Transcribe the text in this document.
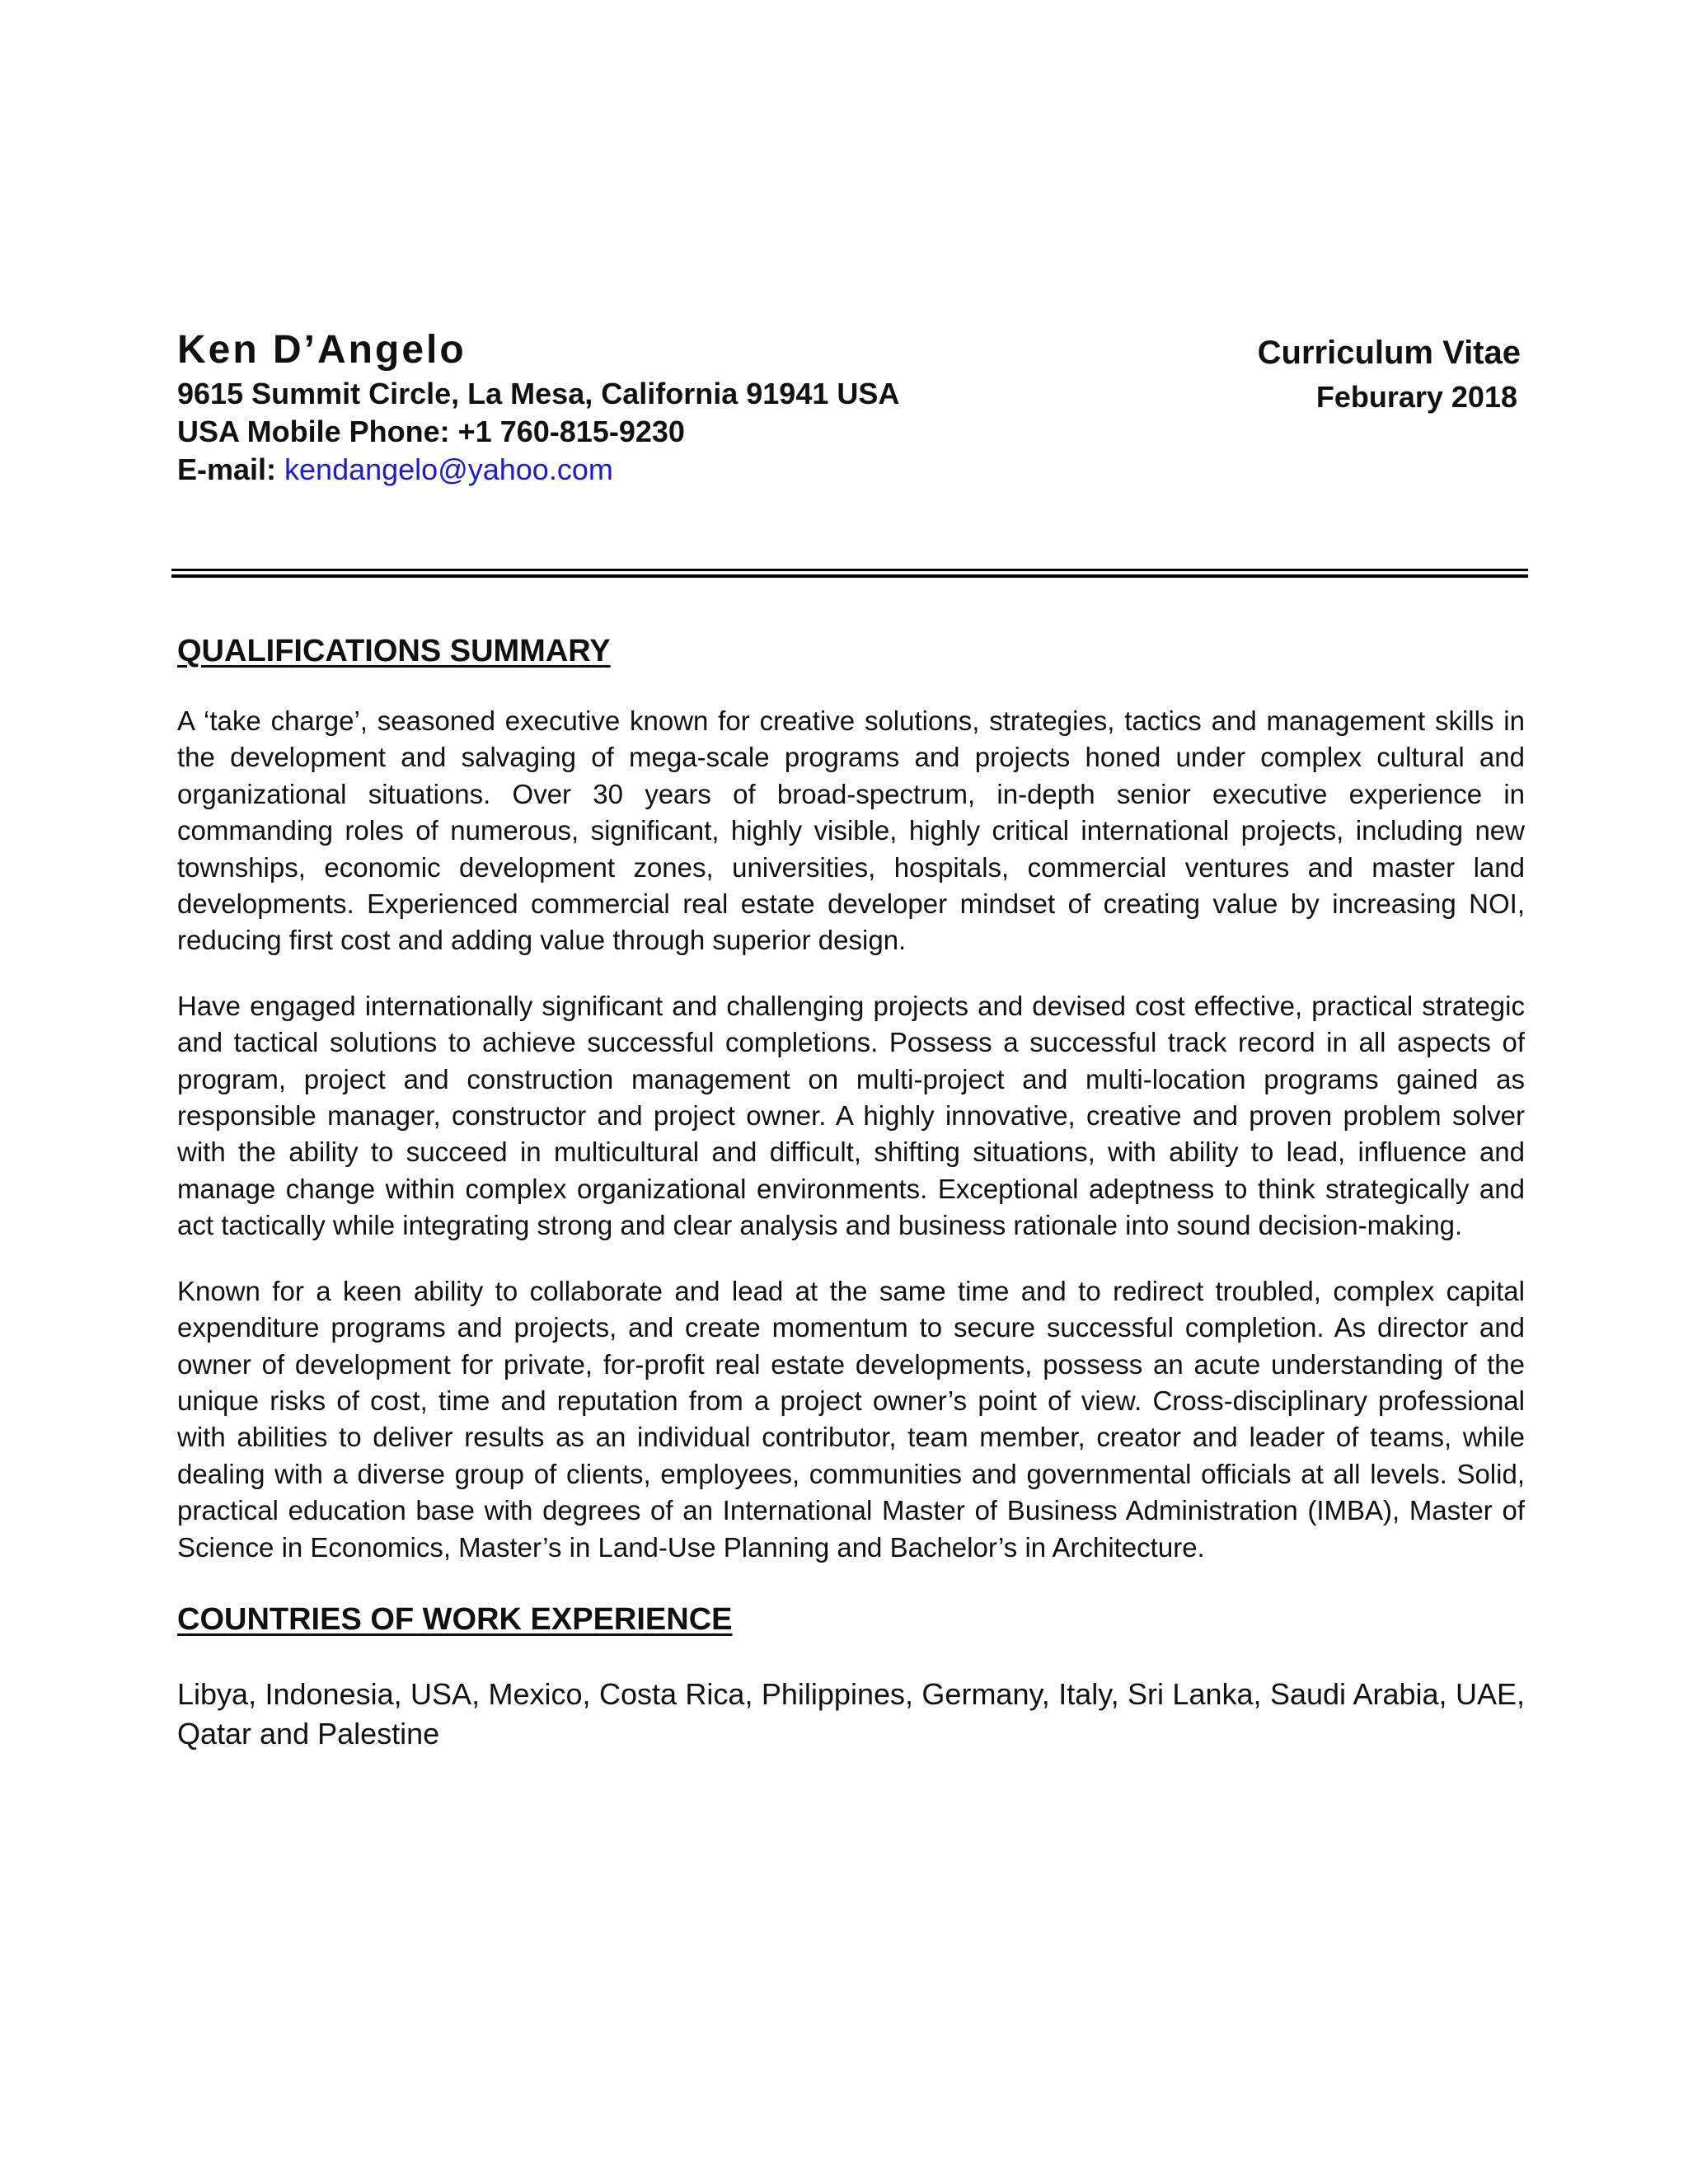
Ken D’Angelo

9615 Summit Circle, La Mesa, California 91941 USA

USA Mobile Phone: +1 760-815-9230

E-mail: kendangelo@yahoo.com

Curriculum Vitae
Feburary 2018
QUALIFICATIONS SUMMARY

A ‘take charge’, seasoned executive known for creative solutions, strategies, tactics and management skills in the development and salvaging of mega-scale programs and projects honed under complex cultural and organizational situations. Over 30 years of broad-spectrum, in-depth senior executive experience in commanding roles of numerous, significant, highly visible, highly critical international projects, including new townships, economic development zones, universities, hospitals, commercial ventures and master land developments. Experienced commercial real estate developer mindset of creating value by increasing NOI, reducing first cost and adding value through superior design.

Have engaged internationally significant and challenging projects and devised cost effective, practical strategic and tactical solutions to achieve successful completions. Possess a successful track record in all aspects of program, project and construction management on multi-project and multi-location programs gained as responsible manager, constructor and project owner. A highly innovative, creative and proven problem solver with the ability to succeed in multicultural and difficult, shifting situations, with ability to lead, influence and manage change within complex organizational environments. Exceptional adeptness to think strategically and act tactically while integrating strong and clear analysis and business rationale into sound decision-making.

Known for a keen ability to collaborate and lead at the same time and to redirect troubled, complex capital expenditure programs and projects, and create momentum to secure successful completion. As director and owner of development for private, for-profit real estate developments, possess an acute understanding of the unique risks of cost, time and reputation from a project owner’s point of view. Cross-disciplinary professional with abilities to deliver results as an individual contributor, team member, creator and leader of teams, while dealing with a diverse group of clients, employees, communities and governmental officials at all levels. Solid, practical education base with degrees of an International Master of Business Administration (IMBA), Master of Science in Economics, Master’s in Land-Use Planning and Bachelor’s in Architecture.

COUNTRIES OF WORK EXPERIENCE

Libya, Indonesia, USA, Mexico, Costa Rica, Philippines, Germany, Italy, Sri Lanka, Saudi Arabia, UAE, Qatar and Palestine
